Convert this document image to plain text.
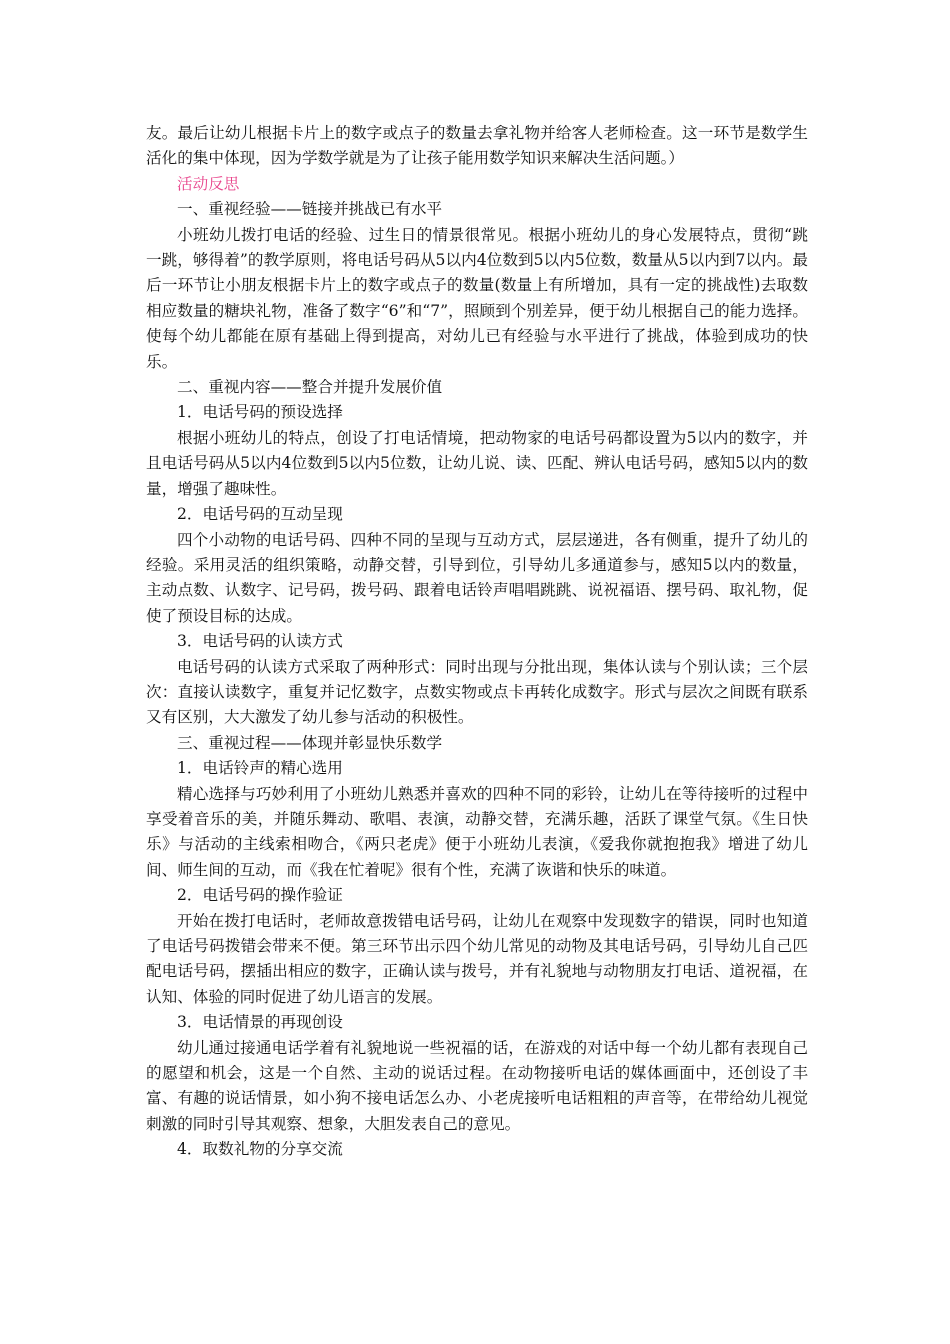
友。最后让幼儿根据卡片上的数字或点子的数量去拿礼物并给客人老师检查。这一环节是数学生活化的集中体现，因为学数学就是为了让孩子能用数学知识来解决生活问题。）

活动反思

一、重视经验——链接并挑战已有水平

小班幼儿拨打电话的经验、过生日的情景很常见。根据小班幼儿的身心发展特点，贯彻“跳一跳，够得着”的教学原则，将电话号码从5以内4位数到5以内5位数，数量从5以内到7以内。最后一环节让小朋友根据卡片上的数字或点子的数量(数量上有所增加，具有一定的挑战性)去取数相应数量的糖块礼物，准备了数字“6”和“7”，照顾到个别差异，便于幼儿根据自己的能力选择。使每个幼儿都能在原有基础上得到提高，对幼儿已有经验与水平进行了挑战，体验到成功的快乐。

二、重视内容——整合并提升发展价值

1．电话号码的预设选择

根据小班幼儿的特点，创设了打电话情境，把动物家的电话号码都设置为5以内的数字，并且电话号码从5以内4位数到5以内5位数，让幼儿说、读、匹配、辨认电话号码，感知5以内的数量，增强了趣味性。

2．电话号码的互动呈现

四个小动物的电话号码、四种不同的呈现与互动方式，层层递进，各有侧重，提升了幼儿的经验。采用灵活的组织策略，动静交替，引导到位，引导幼儿多通道参与，感知5以内的数量，主动点数、认数字、记号码，拨号码、跟着电话铃声唱唱跳跳、说祝福语、摆号码、取礼物，促使了预设目标的达成。

3．电话号码的认读方式

电话号码的认读方式采取了两种形式：同时出现与分批出现，集体认读与个别认读；三个层次：直接认读数字，重复并记忆数字，点数实物或点卡再转化成数字。形式与层次之间既有联系又有区别，大大激发了幼儿参与活动的积极性。

三、重视过程——体现并彰显快乐数学

1．电话铃声的精心选用

精心选择与巧妙利用了小班幼儿熟悉并喜欢的四种不同的彩铃，让幼儿在等待接听的过程中享受着音乐的美，并随乐舞动、歌唱、表演，动静交替，充满乐趣，活跃了课堂气氛。《生日快乐》与活动的主线索相吻合，《两只老虎》便于小班幼儿表演，《爱我你就抱抱我》增进了幼儿间、师生间的互动，而《我在忙着呢》很有个性，充满了诙谐和快乐的味道。

2．电话号码的操作验证

开始在拨打电话时，老师故意拨错电话号码，让幼儿在观察中发现数字的错误，同时也知道了电话号码拨错会带来不便。第三环节出示四个幼儿常见的动物及其电话号码，引导幼儿自己匹配电话号码，摆插出相应的数字，正确认读与拨号，并有礼貌地与动物朋友打电话、道祝福，在认知、体验的同时促进了幼儿语言的发展。

3．电话情景的再现创设

幼儿通过接通电话学着有礼貌地说一些祝福的话，在游戏的对话中每一个幼儿都有表现自己的愿望和机会，这是一个自然、主动的说话过程。在动物接听电话的媒体画面中，还创设了丰富、有趣的说话情景，如小狗不接电话怎么办、小老虎接听电话粗粗的声音等，在带给幼儿视觉刺激的同时引导其观察、想象，大胆发表自己的意见。

4．取数礼物的分享交流
